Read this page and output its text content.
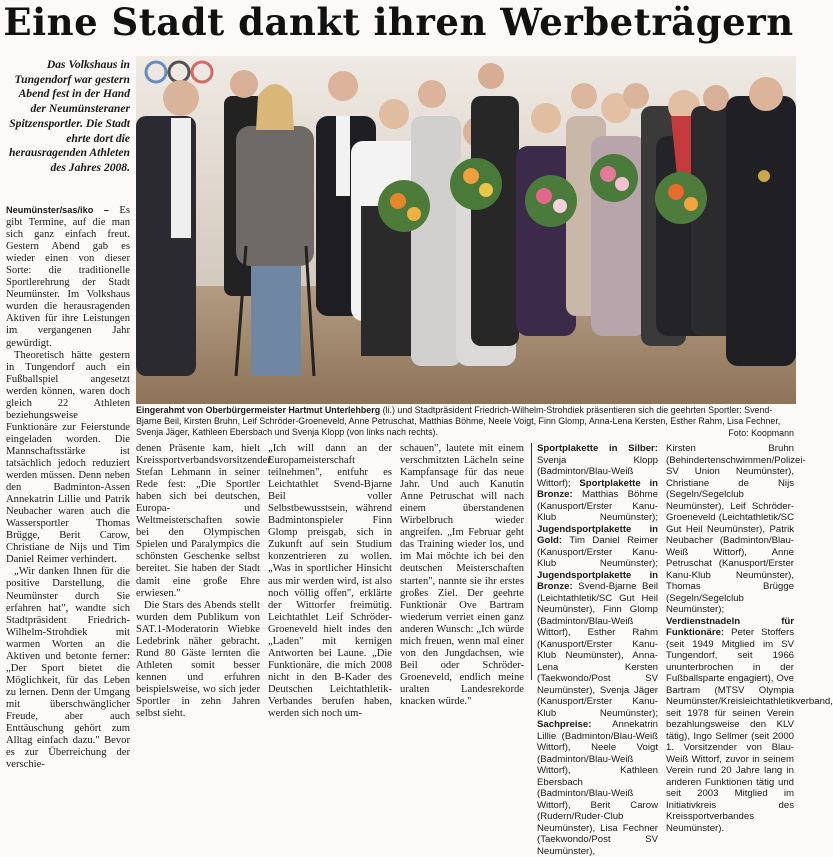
Eine Stadt dankt ihren Werbeträgern
Das Volkshaus in Tungendorf war gestern Abend fest in der Hand der Neumünsteraner Spitzensportler. Die Stadt ehrte dort die herausragenden Athleten des Jahres 2008.
Eingerahmt von Oberbürgermeister Hartmut Unterlehberg (li.) und Stadtpräsident Friedrich-Wilhelm-Strohdiek präsentieren sich die geehrten Sportler: Svend-Bjarne Beil, Kirsten Bruhn, Leif Schröder-Groeneveld, Anne Petruschat, Matthias Böhme, Neele Voigt, Finn Glomp, Anna-Lena Kersten, Esther Rahm, Lisa Fechner, Svenja Jäger, Kathleen Ebersbach und Svenja Klopp (von links nach rechts).	Foto: Koopmann

Neumünster/sas/iko – Es gibt Termine, auf die man sich ganz einfach freut. Gestern Abend gab es wieder einen von dieser Sorte: die traditionelle Sportlerehrung der Stadt Neumünster. Im Volkshaus wurden die herausragenden Aktiven für ihre Leistungen im vergangenen Jahr gewürdigt.

Theoretisch hätte gestern in Tungendorf auch ein Fußballspiel angesetzt werden können, waren doch gleich 22 Athleten beziehungsweise Funktionäre zur Feierstunde eingeladen worden. Die Mannschaftsstärke ist tatsächlich jedoch reduziert werden müssen. Denn neben den Badminton-Assen Annekatrin Lillie und Patrik Neubacher waren auch die Wassersportler Thomas Brügge, Berit Carow, Christiane de Nijs und Tim Daniel Reimer verhindert.

„Wir danken Ihnen für die positive Darstellung, die Neumünster durch Sie erfahren hat", wandte sich Stadtpräsident Friedrich-Wilhelm-Strohdiek mit warmen Worten an die Aktiven und betonte ferner: „Der Sport bietet die Möglichkeit, für das Leben zu lernen. Denn der Umgang mit überschwänglicher Freude, aber auch Enttäuschung gehört zum Alltag einfach dazu." Bevor es zur Überreichung der verschie-

denen Präsente kam, hielt Kreissportverbandsvorsitzender Stefan Lehmann in seiner Rede fest: „Die Sportler haben sich bei deutschen, Europa- und Weltmeisterschaften sowie bei den Olympischen Spielen und Paralympics die schönsten Geschenke selbst bereitet. Sie haben der Stadt damit eine große Ehre erwiesen."

Die Stars des Abends stellt wurden dem Publikum von SAT.1-Moderatorin Wiebke Ledebrink näher gebracht. Rund 80 Gäste lernten die Athleten somit besser kennen und erfuhren beispielsweise, wo sich jeder Sportler in zehn Jahren selbst sieht.

„Ich will dann an der Europameisterschaft teilnehmen", entfuhr es Leichtathlet Svend-Bjarne Beil voller Selbstbewusstsein, während Badmintonspieler Finn Glomp preisgab, sich in Zukunft auf sein Studium konzentrieren zu wollen. „Was in sportlicher Hinsicht aus mir werden wird, ist also noch völlig offen", erklärte der Wittorfer freimütig. Leichtathlet Leif Schröder-Groeneveld hielt indes den „Laden" mit kernigen Antworten bei Laune. „Die Funktionäre, die mich 2008 nicht in den B-Kader des Deutschen Leichtathletik-Verbandes berufen haben, werden sich noch um-

schauen", lautete mit einem verschmitzten Lächeln seine Kampfansage für das neue Jahr. Und auch Kanutin Anne Petruschat will nach einem überstandenen Wirbelbruch wieder angreifen. „Im Februar geht das Training wieder los, und im Mai möchte ich bei den deutschen Meisterschaften starten", nannte sie ihr erstes großes Ziel. Der geehrte Funktionär Ove Bartram wiederum verriet einen ganz anderen Wunsch: „Ich würde mich freuen, wenn mal einer von den Jungdachsen, wie Beil oder Schröder-Groeneveld, endlich meine uralten Landesrekorde knacken würde."

Sportplakette in Silber: Svenja Klopp (Badminton/Blau-Weiß Wittorf); Sportplakette in Bronze: Matthias Böhme (Kanusport/Erster Kanu-Klub Neumünster); Jugendsportplakette in Gold: Tim Daniel Reimer (Kanusport/Erster Kanu-Klub Neumünster); Jugendsportplakette in Bronze: Svend-Bjarne Beil (Leichtathletik/SC Gut Heil Neumünster), Finn Glomp (Badminton/Blau-Weiß Wittorf), Esther Rahm (Kanusport/Erster Kanu-Klub Neumünster), Anna-Lena Kersten (Taekwondo/Post SV Neumünster), Svenja Jäger (Kanusport/Erster Kanu-Klub Neumünster); Sachpreise: Annekatrin Lillie (Badminton/Blau-Weiß Wittorf), Neele Voigt (Badminton/Blau-Weiß Wittorf), Kathleen Ebersbach (Badminton/Blau-Weiß Wittorf), Berit Carow (Rudern/Ruder-Club Neumünster), Lisa Fechner (Taekwondo/Post SV Neumünster),
Kirsten Bruhn (Behindertenschwimmen/Polizei-SV Union Neumünster), Christiane de Nijs (Segeln/Segelclub Neumünster), Leif Schröder-Groeneveld (Leichtathletik/SC Gut Heil Neumünster), Patrik Neubacher (Badminton/Blau-Weiß Wittorf), Anne Petruschat (Kanusport/Erster Kanu-Klub Neumünster), Thomas Brügge (Segeln/Segelclub Neumünster); Verdienstnadeln für Funktionäre: Peter Stoffers (seit 1949 Mitglied im SV Tungendorf, seit 1966 ununterbrochen in der Fußballsparte engagiert), Ove Bartram (MTSV Olympia Neumünster/Kreisleichtathletikverband, seit 1978 für seinen Verein bezahlungsweise den KLV tätig), Ingo Sellmer (seit 2000 1. Vorsitzender von Blau-Weiß Wittorf, zuvor in seinem Verein rund 20 Jahre lang in anderen Funktionen tätig und seit 2003 Mitglied im Initiativkreis des Kreissportverbandes Neumünster).
